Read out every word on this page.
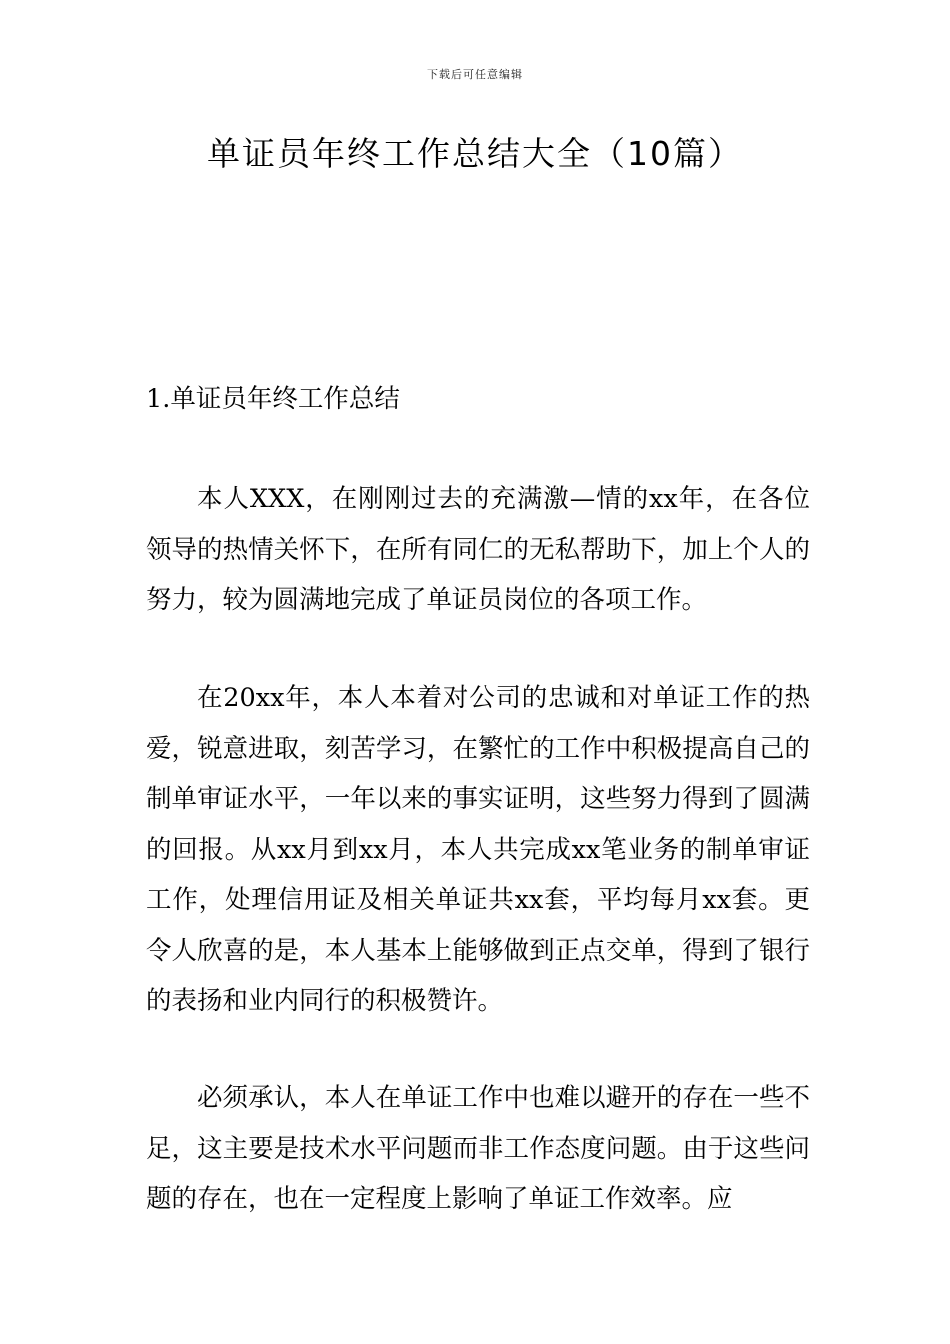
下载后可任意编辑
单证员年终工作总结大全（10篇）
1.单证员年终工作总结

本人XXX，在刚刚过去的充满激—情的xx年，在各位领导的热情关怀下，在所有同仁的无私帮助下，加上个人的努力，较为圆满地完成了单证员岗位的各项工作。

在20xx年，本人本着对公司的忠诚和对单证工作的热爱，锐意进取，刻苦学习，在繁忙的工作中积极提高自己的制单审证水平，一年以来的事实证明，这些努力得到了圆满的回报。从xx月到xx月，本人共完成xx笔业务的制单审证工作，处理信用证及相关单证共xx套，平均每月xx套。更令人欣喜的是，本人基本上能够做到正点交单，得到了银行的表扬和业内同行的积极赞许。

必须承认，本人在单证工作中也难以避开的存在一些不足，这主要是技术水平问题而非工作态度问题。由于这些问题的存在，也在一定程度上影响了单证工作效率。应
